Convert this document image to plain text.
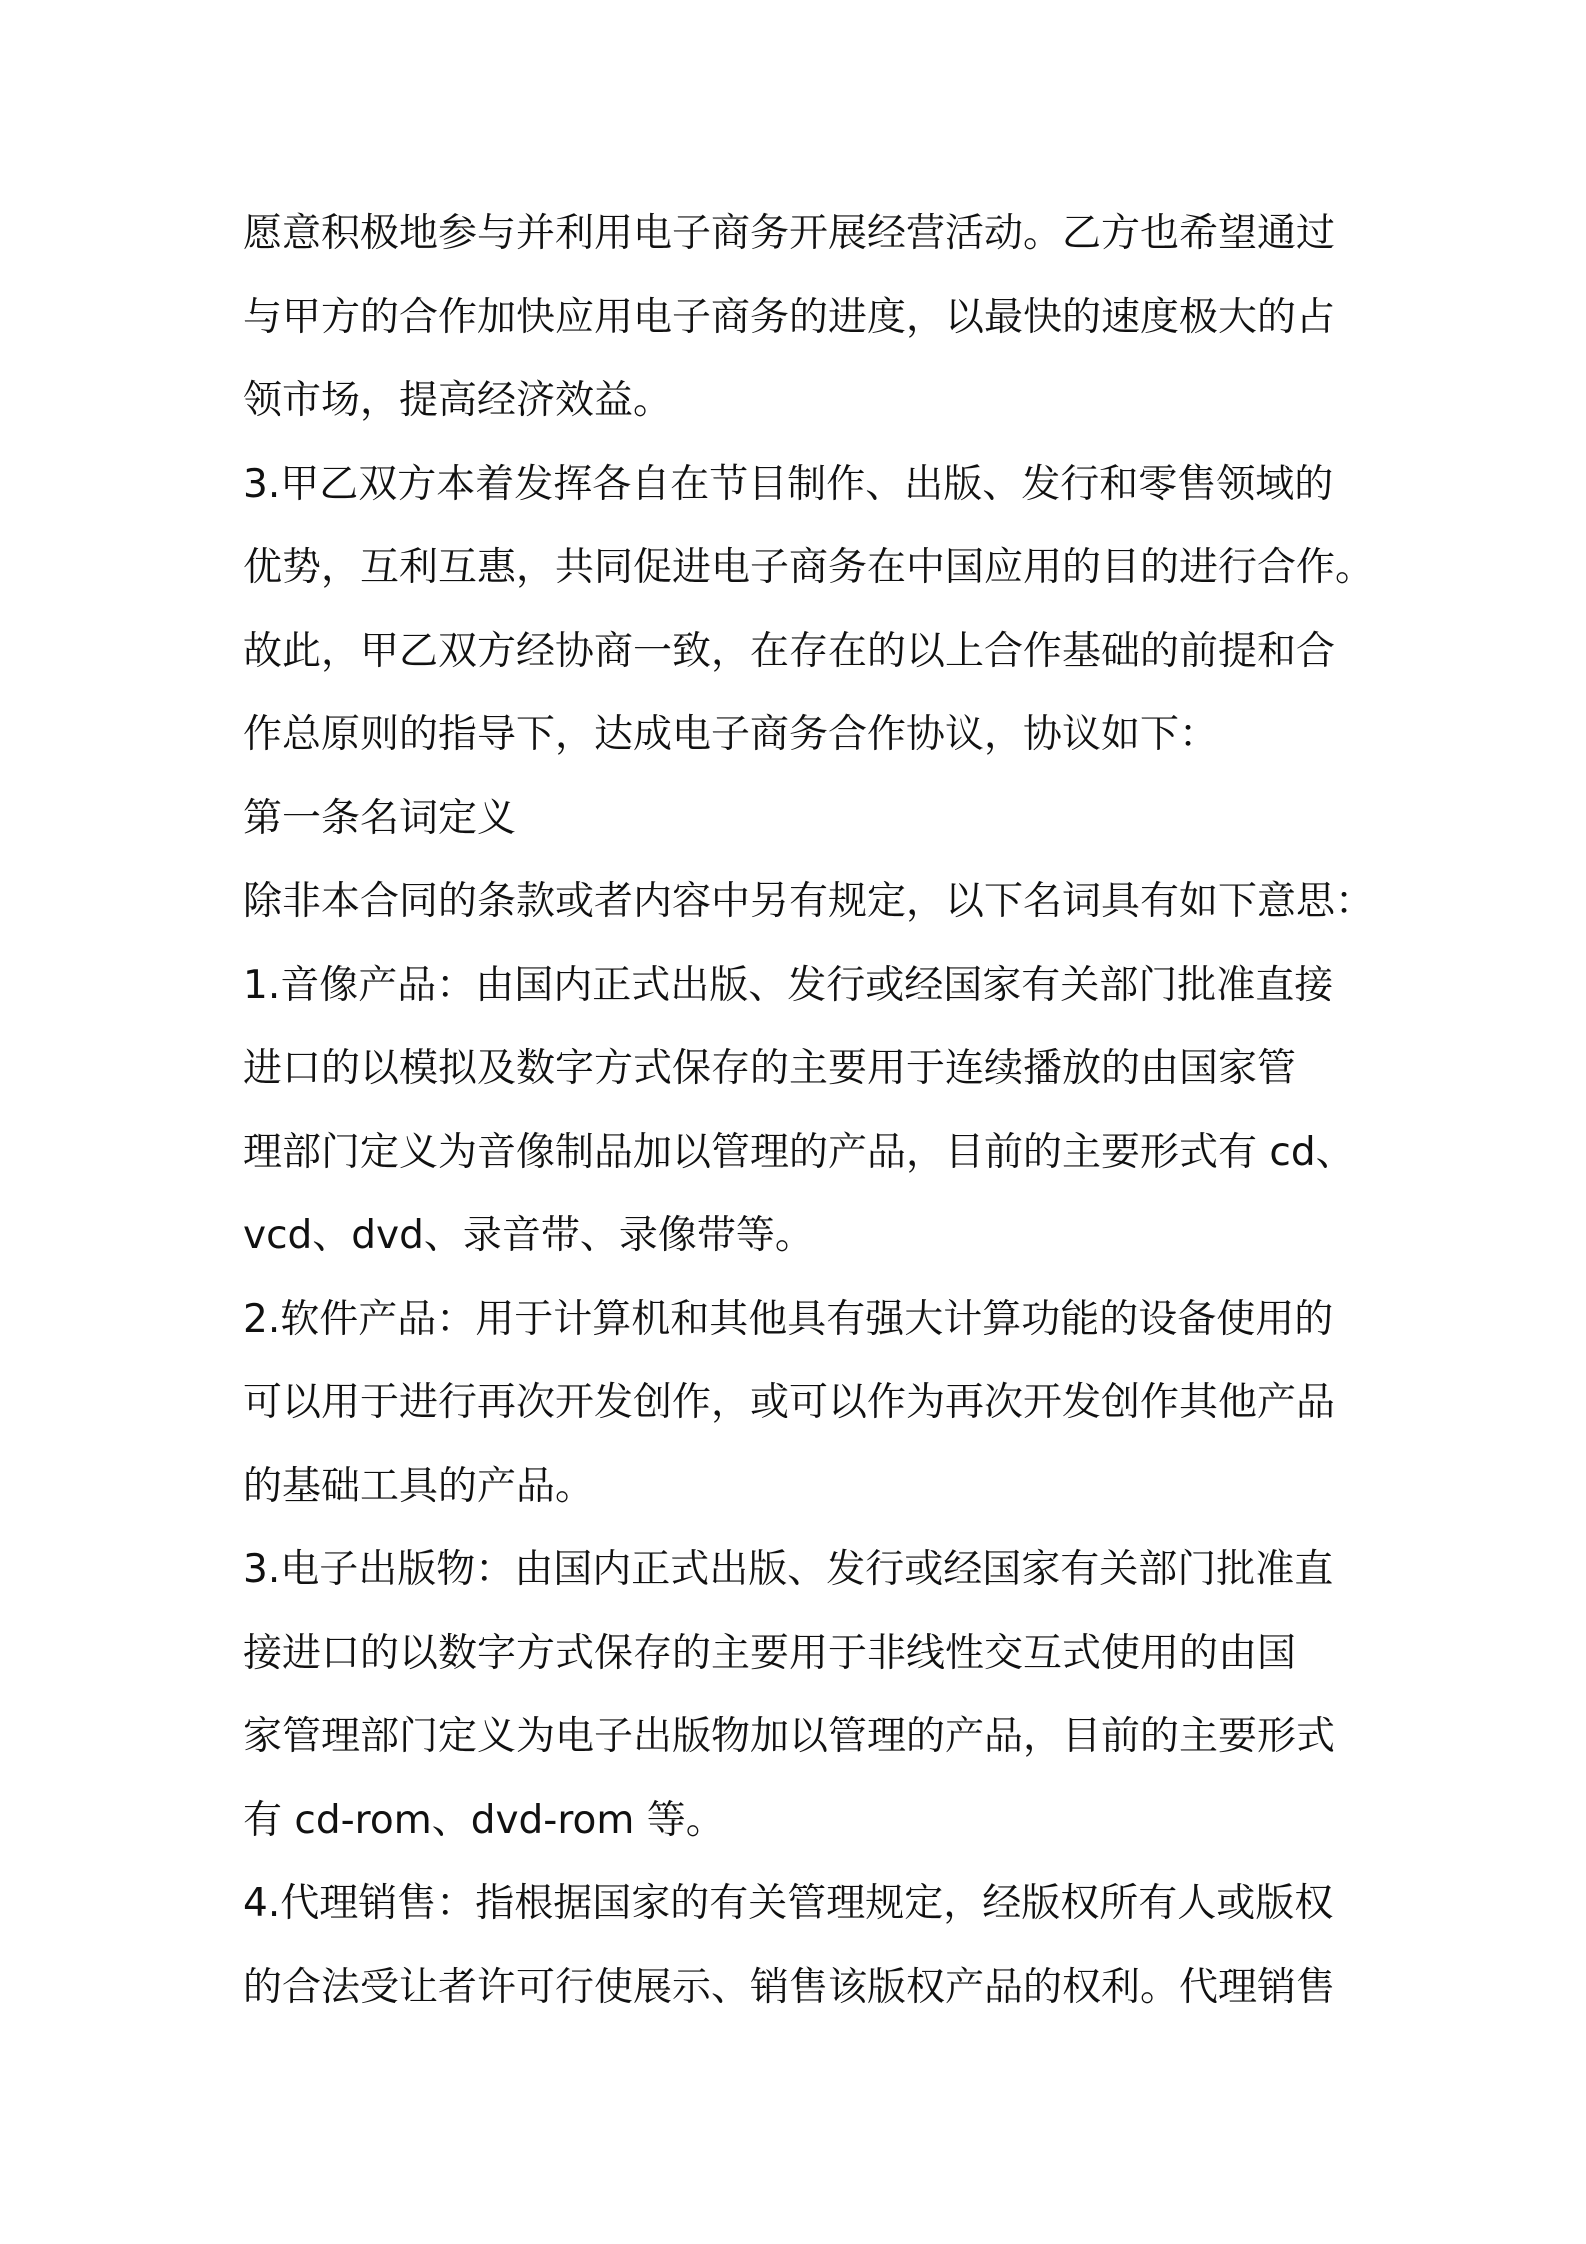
愿意积极地参与并利用电子商务开展经营活动。乙方也希望通过
与甲方的合作加快应用电子商务的进度，以最快的速度极大的占
领市场，提高经济效益。
3.甲乙双方本着发挥各自在节目制作、出版、发行和零售领域的
优势，互利互惠，共同促进电子商务在中国应用的目的进行合作。
故此，甲乙双方经协商一致，在存在的以上合作基础的前提和合
作总原则的指导下，达成电子商务合作协议，协议如下：
第一条名词定义
除非本合同的条款或者内容中另有规定，以下名词具有如下意思：
1.音像产品：由国内正式出版、发行或经国家有关部门批准直接
进口的以模拟及数字方式保存的主要用于连续播放的由国家管
理部门定义为音像制品加以管理的产品，目前的主要形式有 cd、
vcd、dvd、录音带、录像带等。
2.软件产品：用于计算机和其他具有强大计算功能的设备使用的
可以用于进行再次开发创作，或可以作为再次开发创作其他产品
的基础工具的产品。
3.电子出版物：由国内正式出版、发行或经国家有关部门批准直
接进口的以数字方式保存的主要用于非线性交互式使用的由国
家管理部门定义为电子出版物加以管理的产品，目前的主要形式
有 cd-rom、dvd-rom 等。
4.代理销售：指根据国家的有关管理规定，经版权所有人或版权
的合法受让者许可行使展示、销售该版权产品的权利。代理销售
